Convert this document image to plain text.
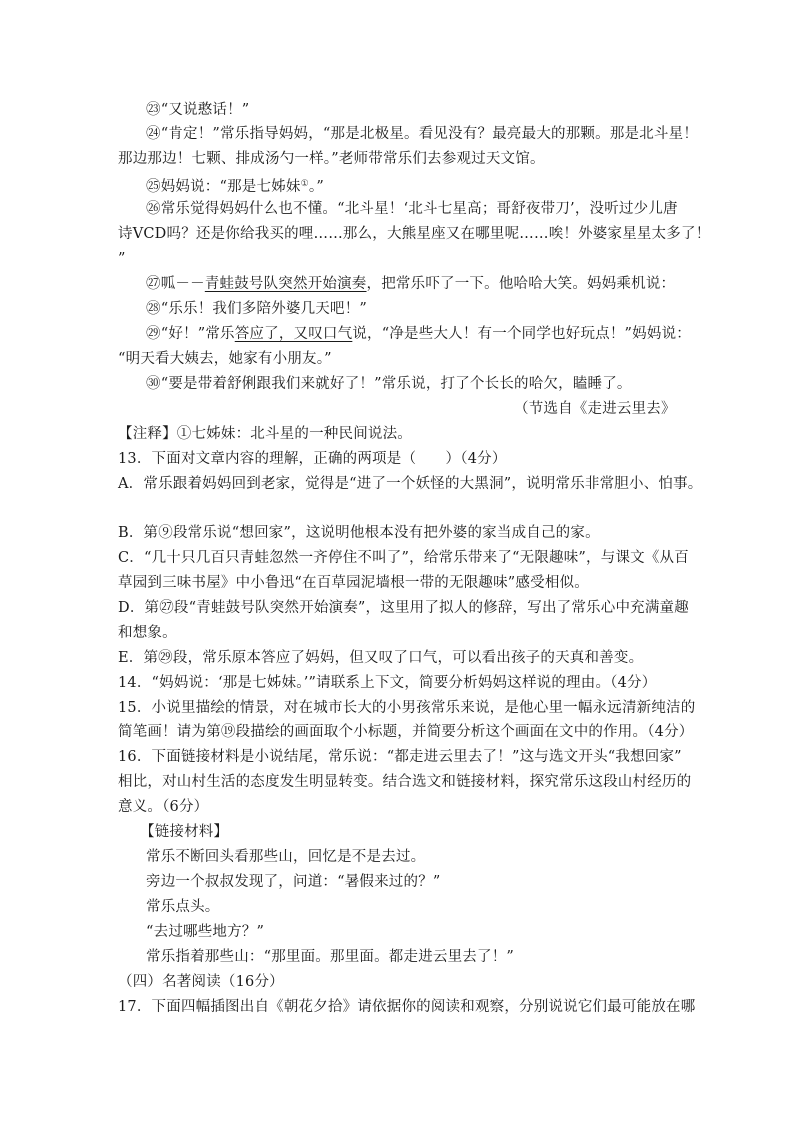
㉓“又说憨话！”
㉔“肯定！”常乐指导妈妈，“那是北极星。看见没有？最亮最大的那颗。那是北斗星！
那边那边！七颗、排成汤勺一样。”老师带常乐们去参观过天文馆。
㉕妈妈说：“那是七姊妹①。”
㉖常乐觉得妈妈什么也不懂。“北斗星！‘北斗七星高；哥舒夜带刀’，没听过少儿唐
诗VCD吗？还是你给我买的哩……那么，大熊星座又在哪里呢……唉！外婆家星星太多了！
”
㉗呱－－青蛙鼓号队突然开始演奏，把常乐吓了一下。他哈哈大笑。妈妈乘机说：
㉘“乐乐！我们多陪外婆几天吧！”
㉙“好！”常乐答应了，又叹口气说，“净是些大人！有一个同学也好玩点！”妈妈说：
“明天看大姨去，她家有小朋友。”
㉚“要是带着舒俐跟我们来就好了！”常乐说，打了个长长的哈欠，瞌睡了。
（节选自《走进云里去》
【注释】①七姊妹：北斗星的一种民间说法。
13．下面对文章内容的理解，正确的两项是（　　）（4分）
A．常乐跟着妈妈回到老家，觉得是“进了一个妖怪的大黑洞”，说明常乐非常胆小、怕事。
B．第⑨段常乐说“想回家”，这说明他根本没有把外婆的家当成自己的家。
C．“几十只几百只青蛙忽然一齐停住不叫了”，给常乐带来了“无限趣味”，与课文《从百
草园到三味书屋》中小鲁迅“在百草园泥墙根一带的无限趣味”感受相似。
D．第㉗段“青蛙鼓号队突然开始演奏”，这里用了拟人的修辞，写出了常乐心中充满童趣
和想象。
E．第㉙段，常乐原本答应了妈妈，但又叹了口气，可以看出孩子的天真和善变。
14．“妈妈说：‘那是七姊妹。’”请联系上下文，简要分析妈妈这样说的理由。（4分）
15．小说里描绘的情景，对在城市长大的小男孩常乐来说，是他心里一幅永远清新纯洁的
简笔画！请为第⑲段描绘的画面取个小标题，并简要分析这个画面在文中的作用。（4分）
16．下面链接材料是小说结尾，常乐说：“都走进云里去了！”这与选文开头“我想回家”
相比，对山村生活的态度发生明显转变。结合选文和链接材料，探究常乐这段山村经历的
意义。（6分）
【链接材料】
常乐不断回头看那些山，回忆是不是去过。
旁边一个叔叔发现了，问道：“暑假来过的？”
常乐点头。
“去过哪些地方？”
常乐指着那些山：“那里面。那里面。都走进云里去了！”
（四）名著阅读（16分）
17．下面四幅插图出自《朝花夕拾》请依据你的阅读和观察，分别说说它们最可能放在哪
